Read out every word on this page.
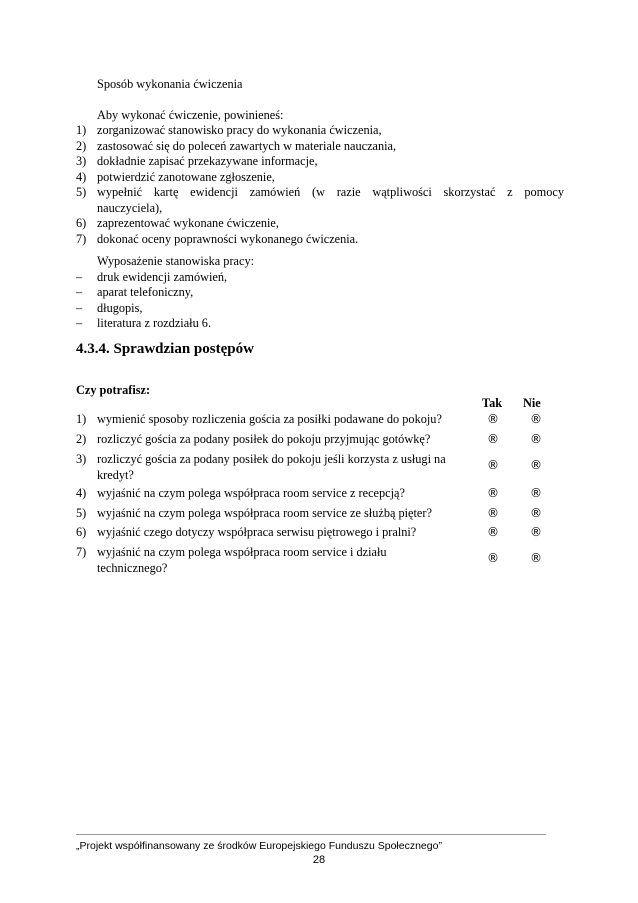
Sposób wykonania ćwiczenia
Aby wykonać ćwiczenie, powinieneś:
1) zorganizować stanowisko pracy do wykonania ćwiczenia,
2) zastosować się do poleceń zawartych w materiale nauczania,
3) dokładnie zapisać przekazywane informacje,
4) potwierdzić zanotowane zgłoszenie,
5) wypełnić kartę ewidencji zamówień (w razie wątpliwości skorzystać z pomocy
nauczyciela),
6) zaprezentować wykonane ćwiczenie,
7) dokonać oceny poprawności wykonanego ćwiczenia.
Wyposażenie stanowiska pracy:
–	druk ewidencji zamówień,
–	aparat telefoniczny,
–	długopis,
–	literatura z rozdziału 6.
4.3.4. Sprawdzian postępów
Czy potrafisz:
Tak Nie
1) wymienić sposoby rozliczenia gościa za posiłki podawane do pokoju?	®	®
2) rozliczyć gościa za podany posiłek do pokoju przyjmując gotówkę?	®	®
3) rozliczyć gościa za podany posiłek do pokoju jeśli korzysta z usługi na
kredyt?
®	®
4) wyjaśnić na czym polega współpraca room service z recepcją?	®	®
5) wyjaśnić na czym polega współpraca room service ze służbą pięter?	®	®
6) wyjaśnić czego dotyczy współpraca serwisu piętrowego i pralni?	®	®
7) wyjaśnić na czym polega współpraca room service i działu
technicznego?
®	®
„Projekt współfinansowany ze środków Europejskiego Funduszu Społecznego”
28
